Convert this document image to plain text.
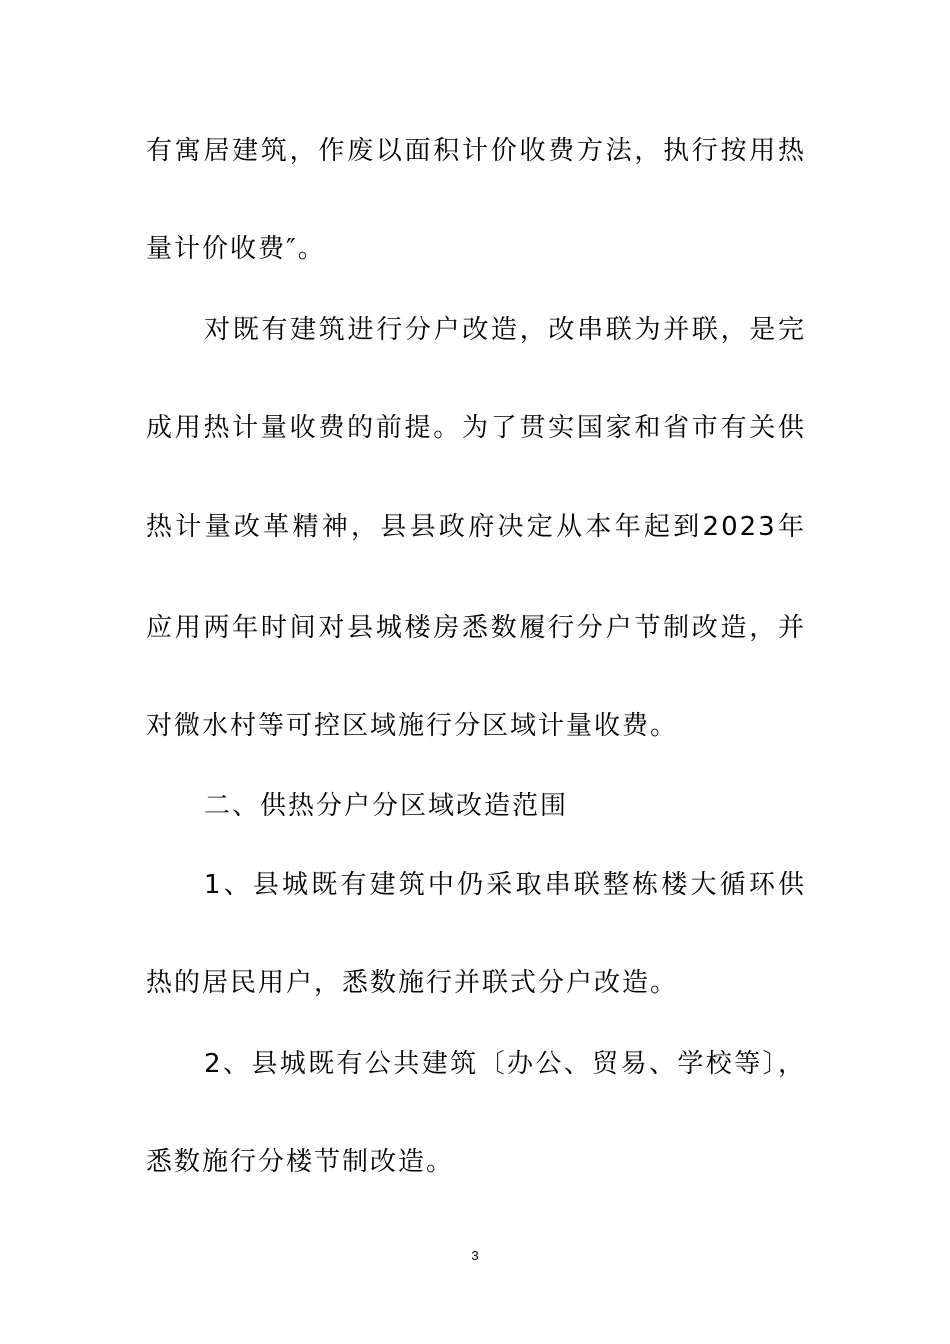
有寓居建筑，作废以面积计价收费方法，执行按用热
量计价收费″。
对既有建筑进行分户改造，改串联为并联，是完
成用热计量收费的前提。为了贯实国家和省市有关供
热计量改革精神，县县政府决定从本年起到2023年
应用两年时间对县城楼房悉数履行分户节制改造，并
对微水村等可控区域施行分区域计量收费。
二、供热分户分区域改造范围
1、县城既有建筑中仍采取串联整栋楼大循环供
热的居民用户，悉数施行并联式分户改造。
2、县城既有公共建筑〔办公、贸易、学校等〕，
悉数施行分楼节制改造。
3
